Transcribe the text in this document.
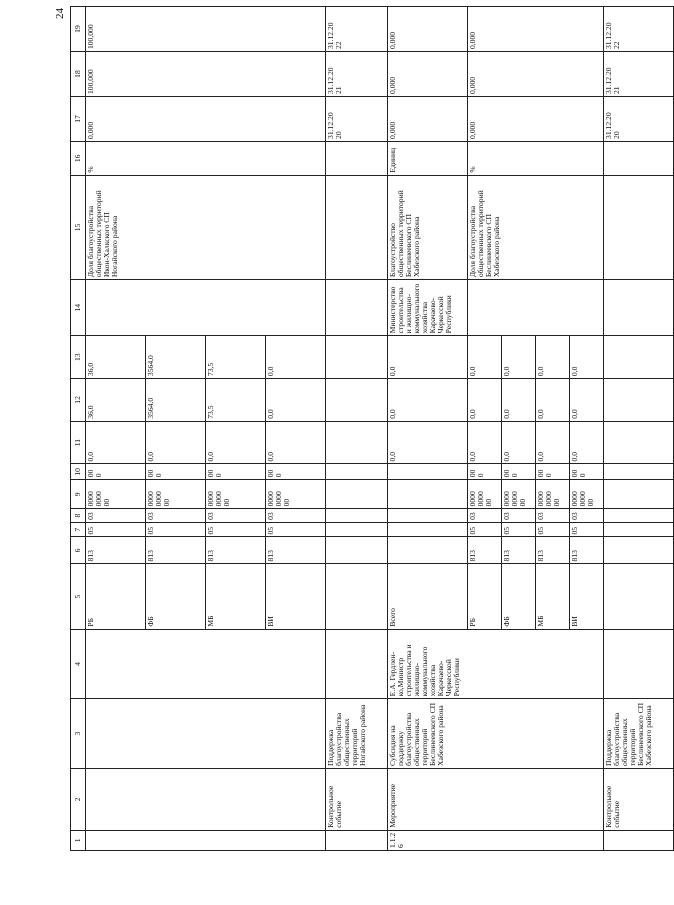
24
1	2	3	4	5	6	7	8	9	10	11	12	13	14	15	16	17	18	19
				РБ	813	05	03	0000
0000
00	00
0	0,0	36,0	36,0		Доля благоустройства общественных территорий Икон-Халкского СП Ногайского района	%	0,000	100,000	100,000
				ФБ	813	05	03	0000
0000
00	00
0	0,0	3564,0	3564,0						
				МБ	813	05	03	0000
0000
00	00
0	0,0	73,5	73,5						
				ВИ	813	05	03	0000
0000
00	00
0	0,0	0,0	0,0						
	Контрольное событие	Поддержка благоустройства общественных территорий Ногайского района														31.12.20
20	31.12.20
21	31.12.20
22
1.1.2
6	Мероприятие	Субсидия на поддержку благоустройства общественных территорий Беслинеевского СП Хабезского района	Е.А. Гердлен-ко,Министр строительства и жилищно-коммунального хозяйства Карачаево-Черкесской Республики	Всего						0,0	0,0	0,0	Министерство строительства и жилищно-коммунального хозяйства Карачаево-Черкесской Республики	Благоустройство общественных территорий Беслинеевского СП Хабезского района	Единиц	0,000	0,000	0,000
				РБ	813	05	03	0000
0000
00	00
0	0,0	0,0	0,0		Доля благоустройства общественных территорий Беслинеевского СП Хабезского района	%	0,000	0,000	0,000
				ФБ	813	05	03	0000
0000
00	00
0	0,0	0,0	0,0						
				МБ	813	05	03	0000
0000
00	00
0	0,0	0,0	0,0						
				ВИ	813	05	03	0000
0000
00	00
0	0,0	0,0	0,0						
	Контрольное событие	Поддержка благоустройства общественных территорий Беслинеевского СП Хабезского района														31.12.20
20	31.12.20
21	31.12.20
22
